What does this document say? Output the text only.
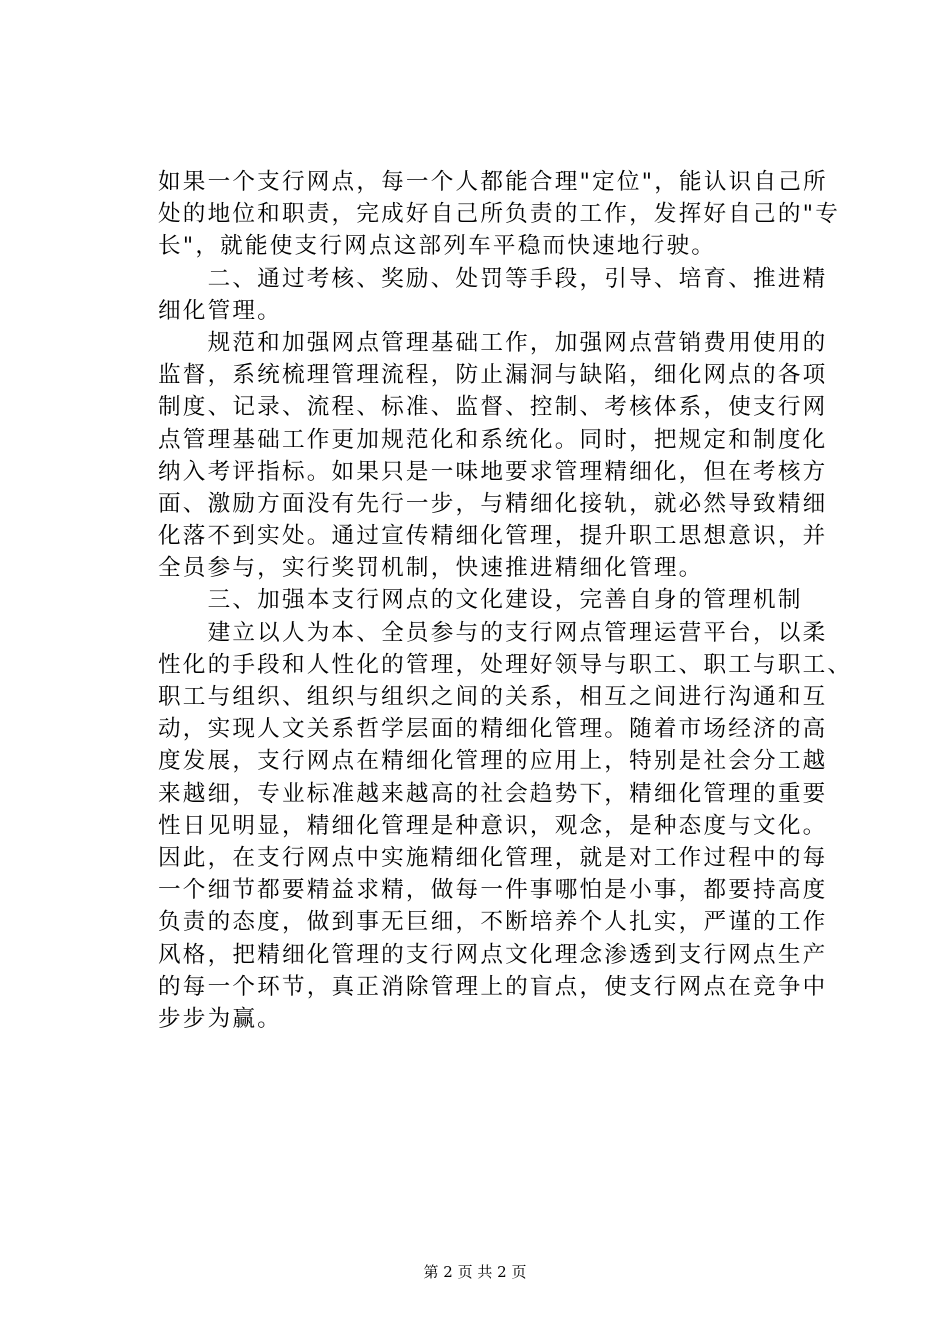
如果一个支行网点，每一个人都能合理"定位"，能认识自己所
处的地位和职责，完成好自己所负责的工作，发挥好自己的"专
长"，就能使支行网点这部列车平稳而快速地行驶。
　　二、通过考核、奖励、处罚等手段，引导、培育、推进精
细化管理。
　　规范和加强网点管理基础工作，加强网点营销费用使用的
监督，系统梳理管理流程，防止漏洞与缺陷，细化网点的各项
制度、记录、流程、标准、监督、控制、考核体系，使支行网
点管理基础工作更加规范化和系统化。同时，把规定和制度化
纳入考评指标。如果只是一味地要求管理精细化，但在考核方
面、激励方面没有先行一步，与精细化接轨，就必然导致精细
化落不到实处。通过宣传精细化管理，提升职工思想意识，并
全员参与，实行奖罚机制，快速推进精细化管理。
　　三、加强本支行网点的文化建设，完善自身的管理机制
　　建立以人为本、全员参与的支行网点管理运营平台，以柔
性化的手段和人性化的管理，处理好领导与职工、职工与职工、
职工与组织、组织与组织之间的关系，相互之间进行沟通和互
动，实现人文关系哲学层面的精细化管理。随着市场经济的高
度发展，支行网点在精细化管理的应用上，特别是社会分工越
来越细，专业标准越来越高的社会趋势下，精细化管理的重要
性日见明显，精细化管理是种意识，观念，是种态度与文化。
因此，在支行网点中实施精细化管理，就是对工作过程中的每
一个细节都要精益求精，做每一件事哪怕是小事，都要持高度
负责的态度，做到事无巨细，不断培养个人扎实，严谨的工作
风格，把精细化管理的支行网点文化理念渗透到支行网点生产
的每一个环节，真正消除管理上的盲点，使支行网点在竞争中
步步为赢。
第 2 页 共 2 页
